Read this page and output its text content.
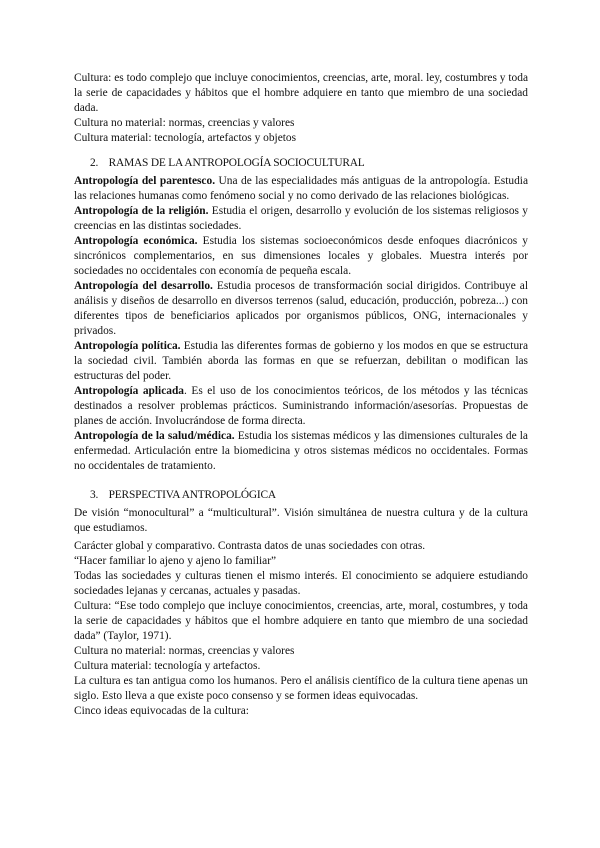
Cultura: es todo complejo que incluye conocimientos, creencias, arte, moral. ley, costumbres y toda la serie de capacidades y hábitos que el hombre adquiere en tanto que miembro de una sociedad dada.

Cultura no material: normas, creencias y valores

Cultura material: tecnología, artefactos y objetos

2. RAMAS DE LA ANTROPOLOGÍA SOCIOCULTURAL

Antropología del parentesco. Una de las especialidades más antiguas de la antropología. Estudia las relaciones humanas como fenómeno social y no como derivado de las relaciones biológicas.

Antropología de la religión. Estudia el origen, desarrollo y evolución de los sistemas religiosos y creencias en las distintas sociedades.

Antropología económica. Estudia los sistemas socioeconómicos desde enfoques diacrónicos y sincrónicos complementarios, en sus dimensiones locales y globales. Muestra interés por sociedades no occidentales con economía de pequeña escala.

Antropología del desarrollo. Estudia procesos de transformación social dirigidos. Contribuye al análisis y diseños de desarrollo en diversos terrenos (salud, educación, producción, pobreza...) con diferentes tipos de beneficiarios aplicados por organismos públicos, ONG, internacionales y privados.

Antropología política. Estudia las diferentes formas de gobierno y los modos en que se estructura la sociedad civil. También aborda las formas en que se refuerzan, debilitan o modifican las estructuras del poder.

Antropología aplicada. Es el uso de los conocimientos teóricos, de los métodos y las técnicas destinados a resolver problemas prácticos. Suministrando información/asesorías. Propuestas de planes de acción. Involucrándose de forma directa.

Antropología de la salud/médica. Estudia los sistemas médicos y las dimensiones culturales de la enfermedad. Articulación entre la biomedicina y otros sistemas médicos no occidentales. Formas no occidentales de tratamiento.

3. PERSPECTIVA ANTROPOLÓGICA

De visión “monocultural” a “multicultural”. Visión simultánea de nuestra cultura y de la cultura que estudiamos.

Carácter global y comparativo. Contrasta datos de unas sociedades con otras.

“Hacer familiar lo ajeno y ajeno lo familiar”

Todas las sociedades y culturas tienen el mismo interés. El conocimiento se adquiere estudiando sociedades lejanas y cercanas, actuales y pasadas.

Cultura: “Ese todo complejo que incluye conocimientos, creencias, arte, moral, costumbres, y toda la serie de capacidades y hábitos que el hombre adquiere en tanto que miembro de una sociedad dada” (Taylor, 1971).

Cultura no material: normas, creencias y valores

Cultura material: tecnología y artefactos.

La cultura es tan antigua como los humanos. Pero el análisis científico de la cultura tiene apenas un siglo. Esto lleva a que existe poco consenso y se formen ideas equivocadas.

Cinco ideas equivocadas de la cultura:
